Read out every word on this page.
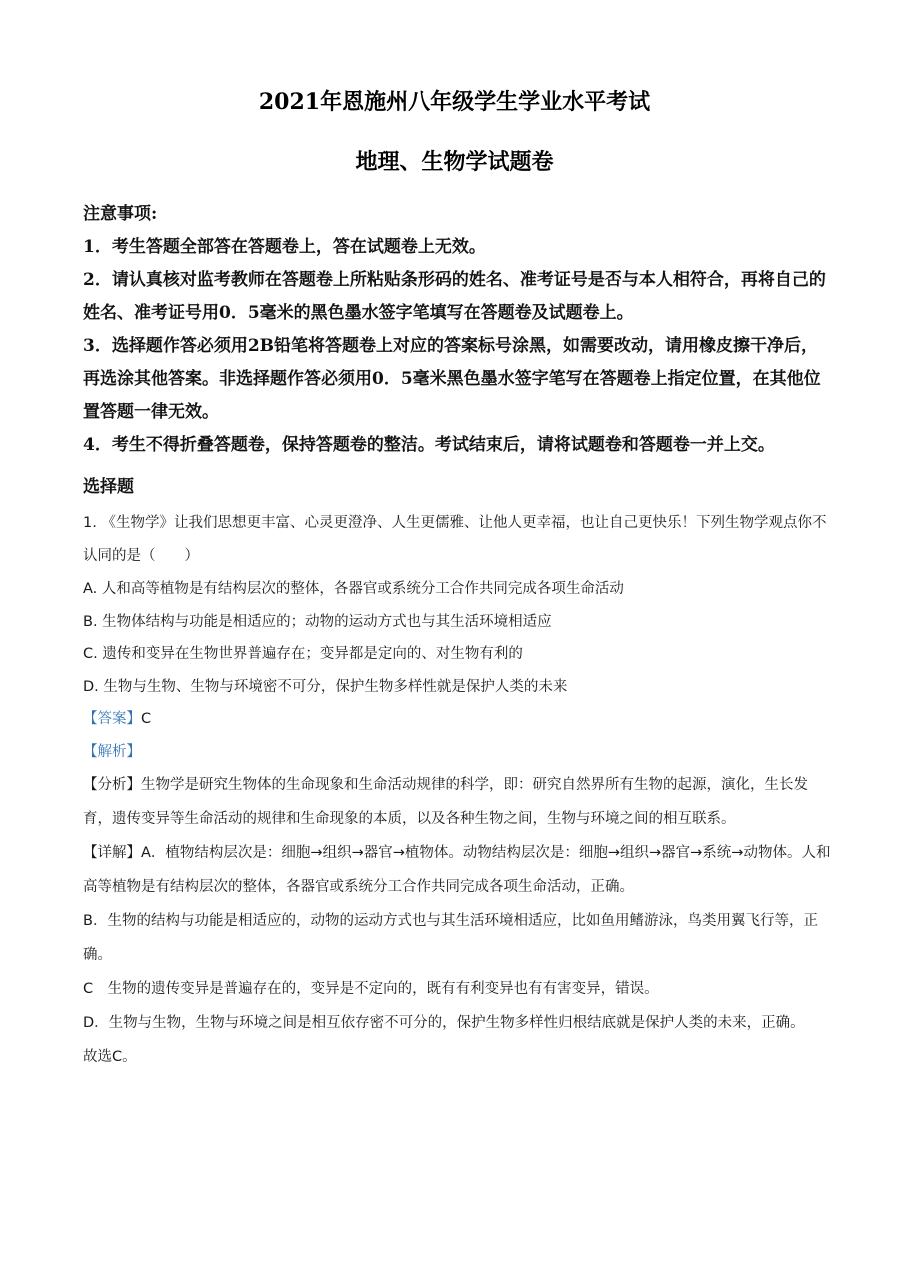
2021年恩施州八年级学生学业水平考试
地理、生物学试题卷

注意事项:

1．考生答题全部答在答题卷上，答在试题卷上无效。

2．请认真核对监考教师在答题卷上所粘贴条形码的姓名、准考证号是否与本人相符合，再将自己的姓名、准考证号用0．5毫米的黑色墨水签字笔填写在答题卷及试题卷上。

3．选择题作答必须用2B铅笔将答题卷上对应的答案标号涂黑，如需要改动，请用橡皮擦干净后，再选涂其他答案。非选择题作答必须用0．5毫米黑色墨水签字笔写在答题卷上指定位置，在其他位置答题一律无效。

4．考生不得折叠答题卷，保持答题卷的整洁。考试结束后，请将试题卷和答题卷一并上交。

选择题

1. 《生物学》让我们思想更丰富、心灵更澄净、人生更儒雅、让他人更幸福，也让自己更快乐！下列生物学观点你不认同的是（　　）

A. 人和高等植物是有结构层次的整体，各器官或系统分工合作共同完成各项生命活动

B. 生物体结构与功能是相适应的；动物的运动方式也与其生活环境相适应

C. 遗传和变异在生物世界普遍存在；变异都是定向的、对生物有利的

D. 生物与生物、生物与环境密不可分，保护生物多样性就是保护人类的未来

【答案】C

【解析】

【分析】生物学是研究生物体的生命现象和生命活动规律的科学，即：研究自然界所有生物的起源，演化，生长发育，遗传变异等生命活动的规律和生命现象的本质，以及各种生物之间，生物与环境之间的相互联系。

【详解】A．植物结构层次是：细胞→组织→器官→植物体。动物结构层次是：细胞→组织→器官→系统→动物体。人和高等植物是有结构层次的整体，各器官或系统分工合作共同完成各项生命活动，正确。

B．生物的结构与功能是相适应的，动物的运动方式也与其生活环境相适应，比如鱼用鳍游泳，鸟类用翼飞行等，正确。

C　生物的遗传变异是普遍存在的，变异是不定向的，既有有利变异也有有害变异，错误。

D．生物与生物，生物与环境之间是相互依存密不可分的，保护生物多样性归根结底就是保护人类的未来，正确。

故选C。
